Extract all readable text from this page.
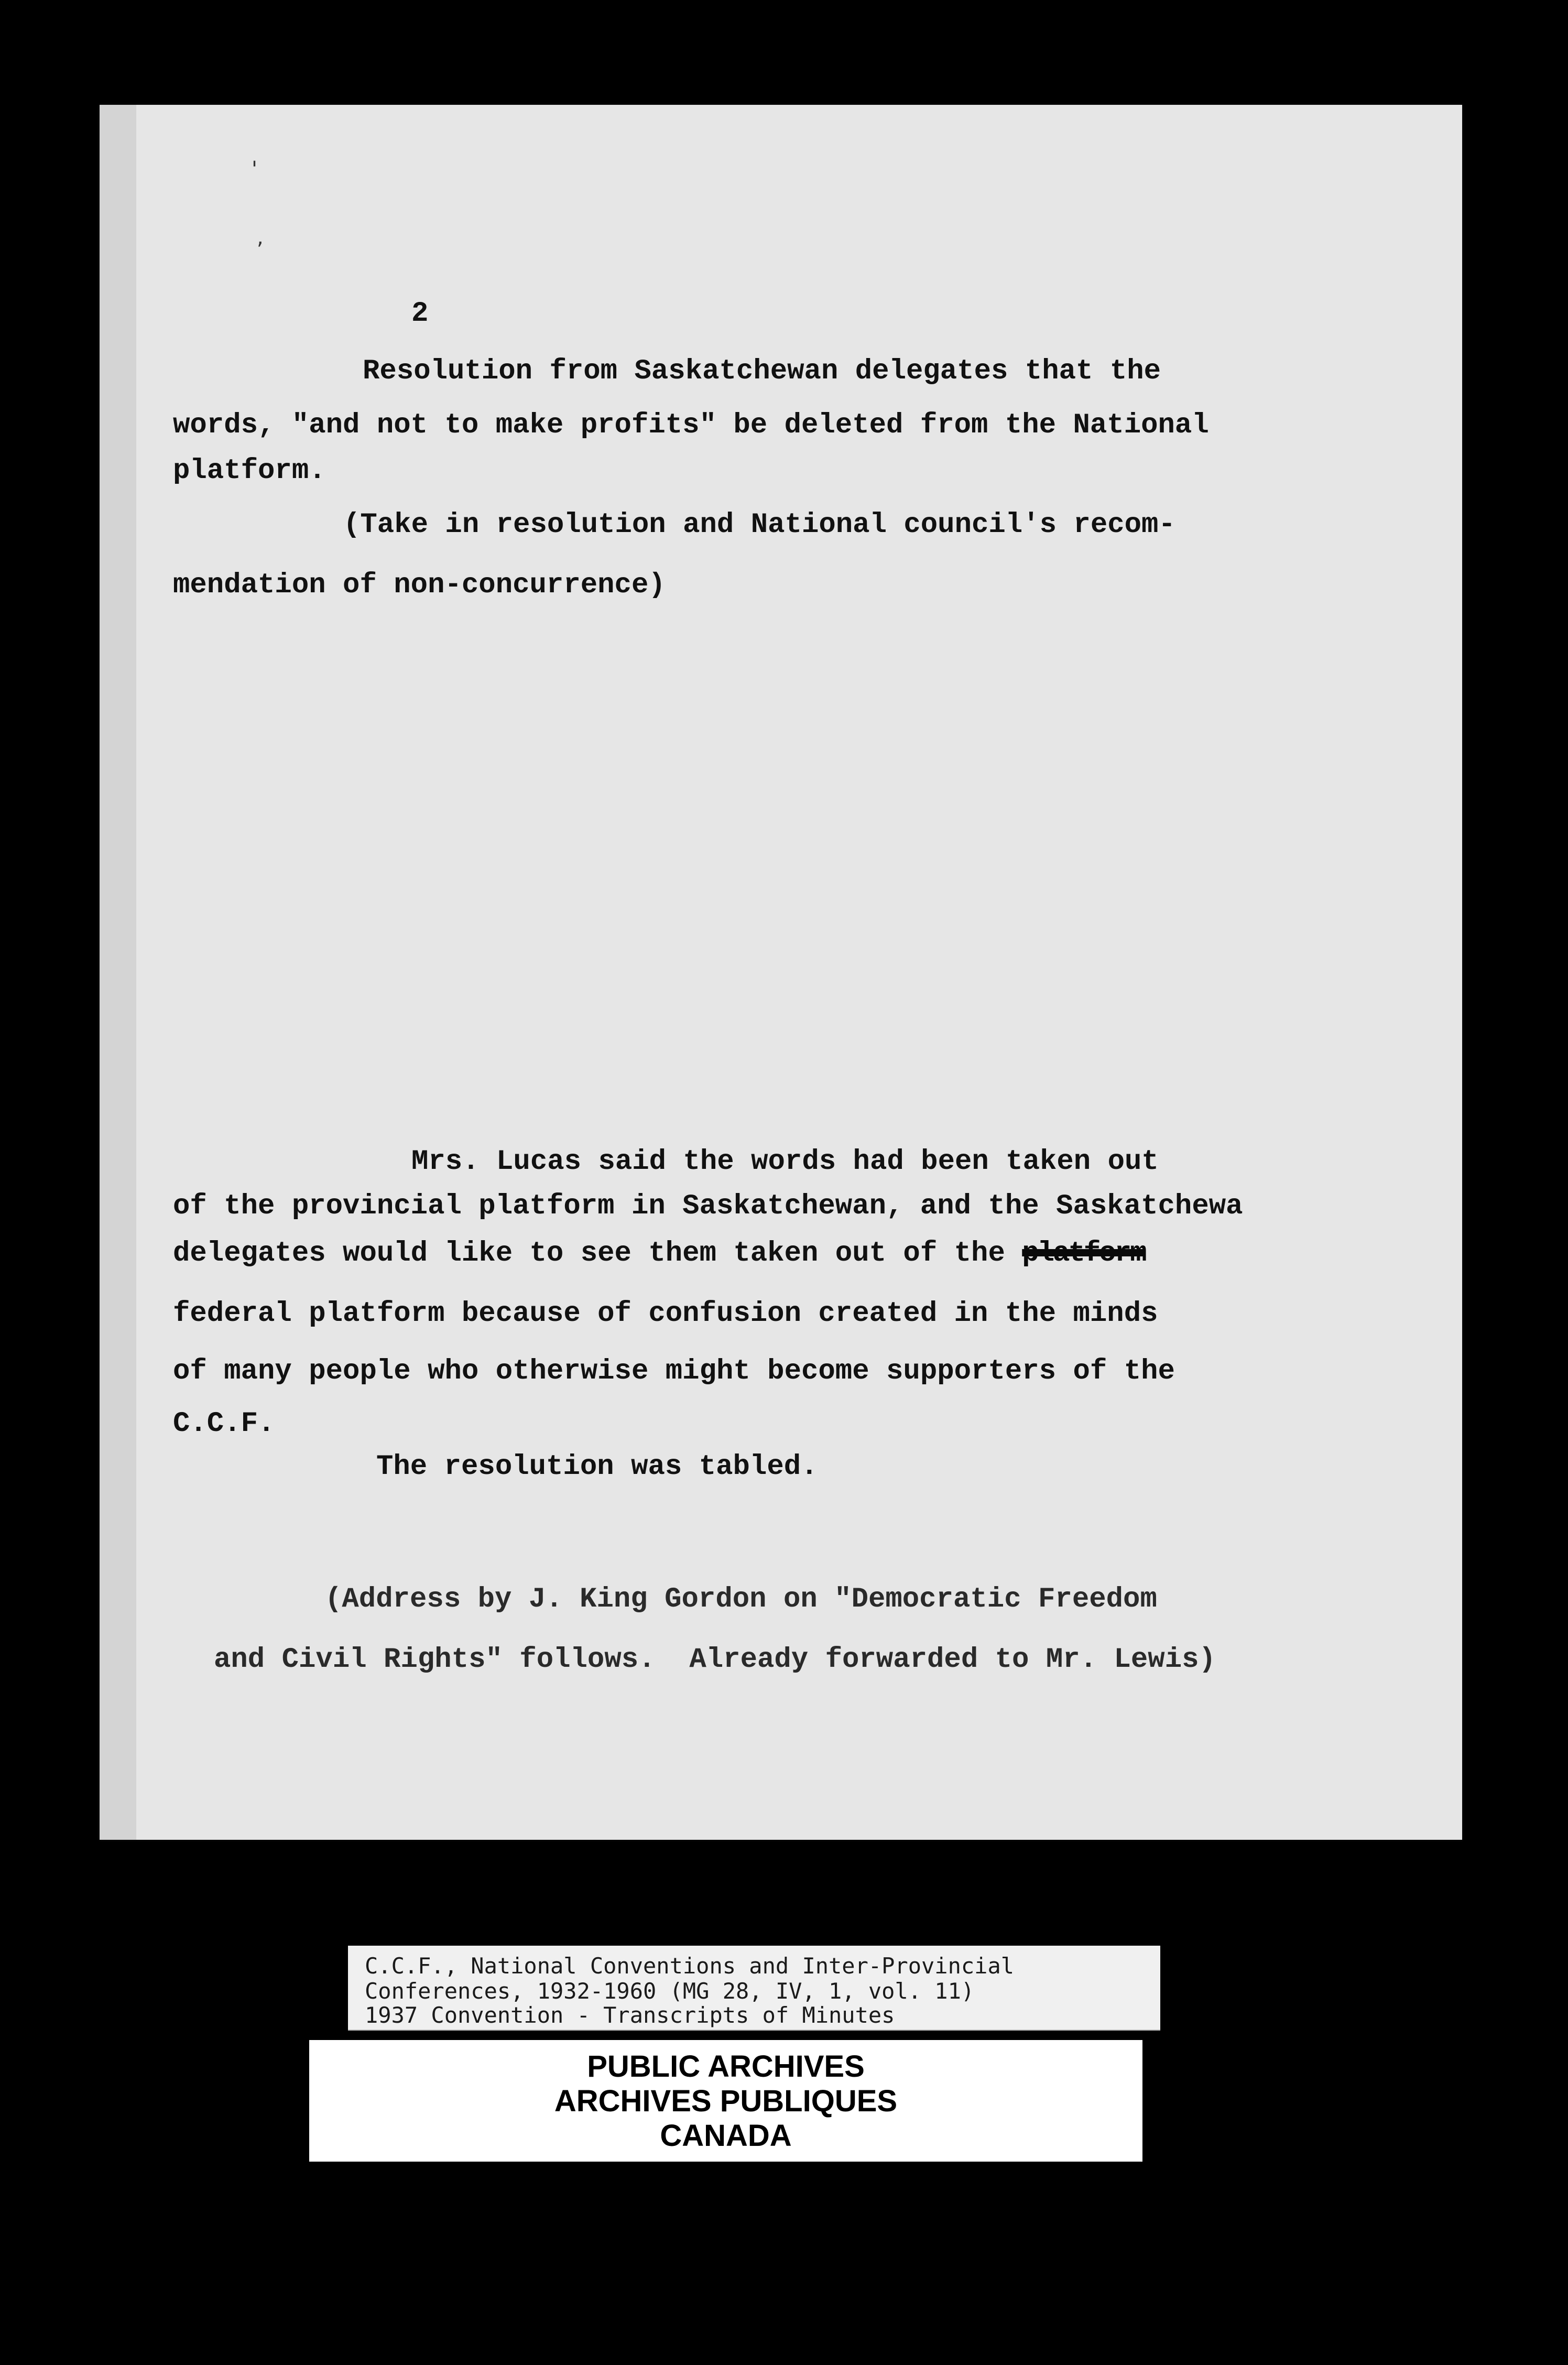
'
,

2

Resolution from Saskatchewan delegates that the

words, "and not to make profits" be deleted from the National

platform.

(Take in resolution and National council's recom-

mendation of non-concurrence)

Mrs. Lucas said the words had been taken out

of the provincial platform in Saskatchewan, and the Saskatchewa

delegates would like to see them taken out of the platform

federal platform because of confusion created in the minds

of many people who otherwise might become supporters of the

C.C.F.

The resolution was tabled.

(Address by J. King Gordon on "Democratic Freedom

and Civil Rights" follows.  Already forwarded to Mr. Lewis)

C.C.F., National Conventions and Inter-Provincial

Conferences, 1932-1960 (MG 28, IV, 1, vol. 11)

1937 Convention - Transcripts of Minutes

PUBLIC ARCHIVES

ARCHIVES PUBLIQUES

CANADA
